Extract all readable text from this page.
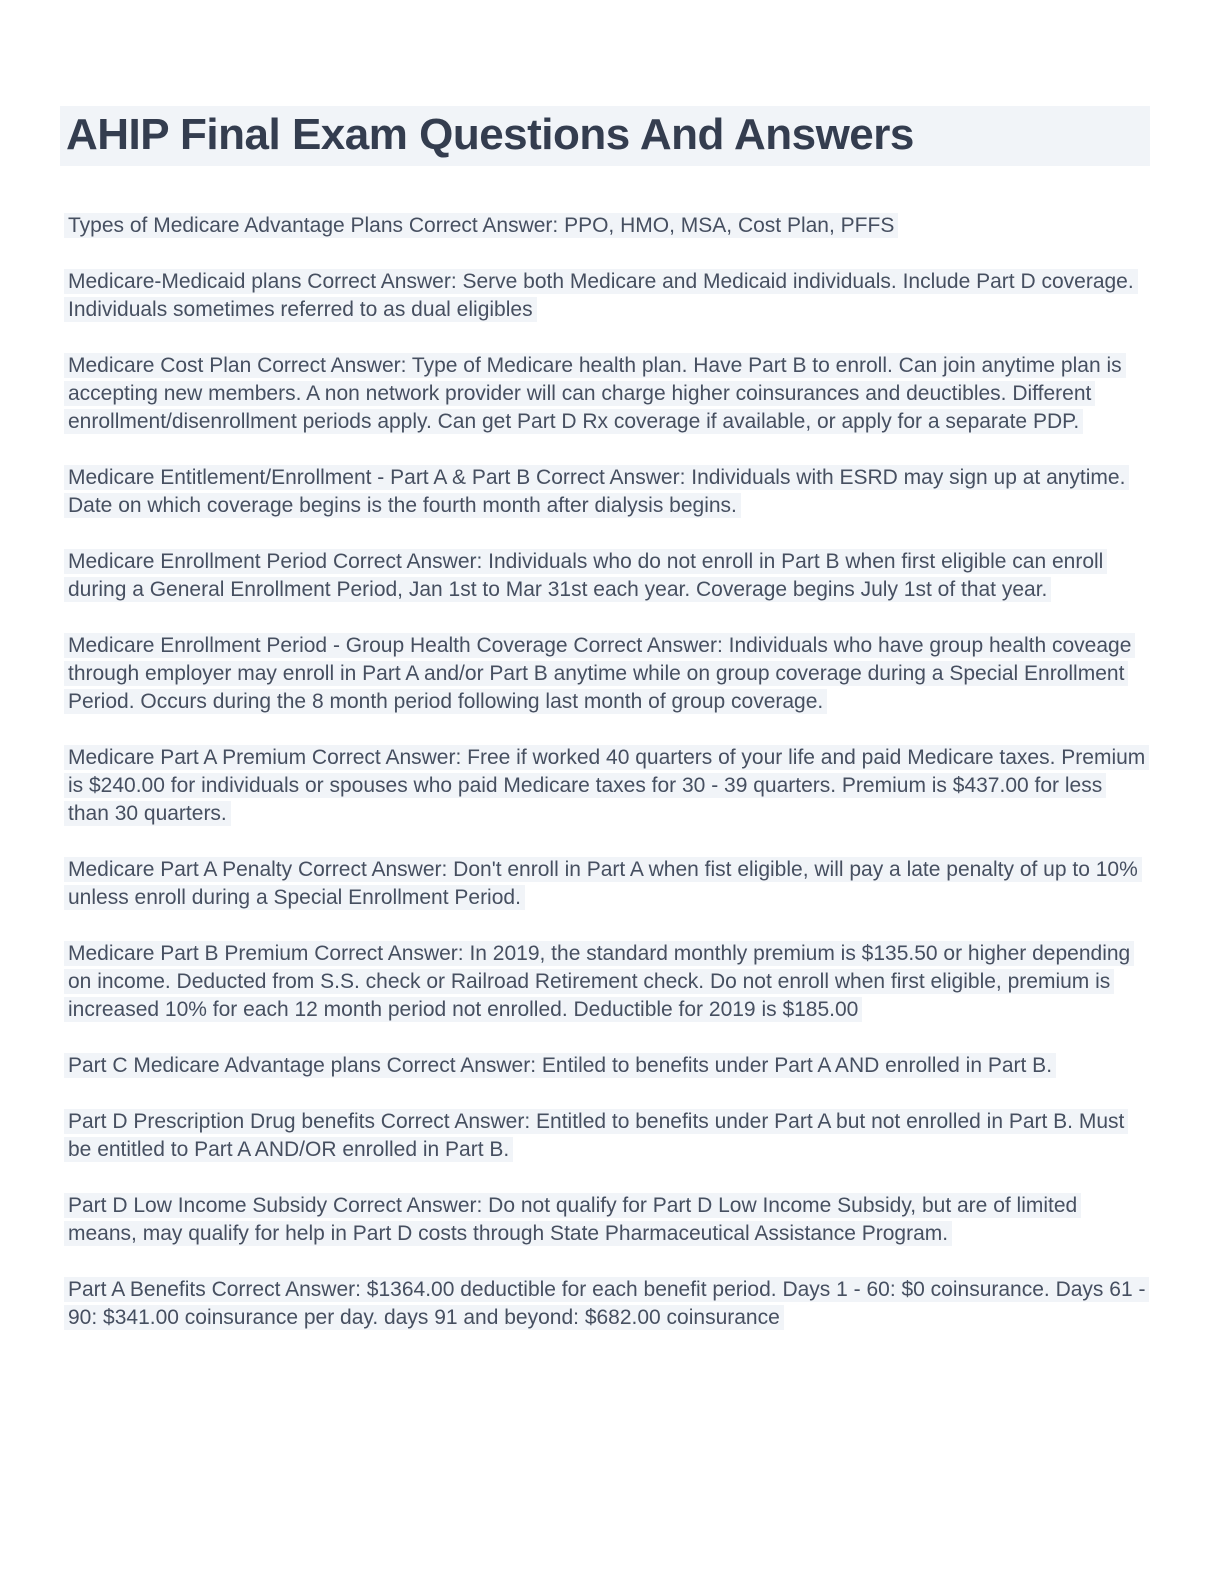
AHIP Final Exam Questions And Answers

Types of Medicare Advantage Plans Correct Answer: PPO, HMO, MSA, Cost Plan, PFFS

Medicare-Medicaid plans Correct Answer: Serve both Medicare and Medicaid individuals. Include Part D coverage. Individuals sometimes referred to as dual eligibles

Medicare Cost Plan Correct Answer: Type of Medicare health plan. Have Part B to enroll. Can join anytime plan is accepting new members. A non network provider will can charge higher coinsurances and deuctibles. Different enrollment/disenrollment periods apply. Can get Part D Rx coverage if available, or apply for a separate PDP.

Medicare Entitlement/Enrollment - Part A & Part B Correct Answer: Individuals with ESRD may sign up at anytime. Date on which coverage begins is the fourth month after dialysis begins.

Medicare Enrollment Period Correct Answer: Individuals who do not enroll in Part B when first eligible can enroll during a General Enrollment Period, Jan 1st to Mar 31st each year. Coverage begins July 1st of that year.

Medicare Enrollment Period - Group Health Coverage Correct Answer: Individuals who have group health coveage through employer may enroll in Part A and/or Part B anytime while on group coverage during a Special Enrollment Period. Occurs during the 8 month period following last month of group coverage.

Medicare Part A Premium Correct Answer: Free if worked 40 quarters of your life and paid Medicare taxes. Premium is $240.00 for individuals or spouses who paid Medicare taxes for 30 - 39 quarters. Premium is $437.00 for less than 30 quarters.

Medicare Part A Penalty Correct Answer: Don't enroll in Part A when fist eligible, will pay a late penalty of up to 10% unless enroll during a Special Enrollment Period.

Medicare Part B Premium Correct Answer: In 2019, the standard monthly premium is $135.50 or higher depending on income. Deducted from S.S. check or Railroad Retirement check. Do not enroll when first eligible, premium is increased 10% for each 12 month period not enrolled. Deductible for 2019 is $185.00

Part C Medicare Advantage plans Correct Answer: Entiled to benefits under Part A AND enrolled in Part B.

Part D Prescription Drug benefits Correct Answer: Entitled to benefits under Part A but not enrolled in Part B. Must be entitled to Part A AND/OR enrolled in Part B.

Part D Low Income Subsidy Correct Answer: Do not qualify for Part D Low Income Subsidy, but are of limited means, may qualify for help in Part D costs through State Pharmaceutical Assistance Program.

Part A Benefits Correct Answer: $1364.00 deductible for each benefit period. Days 1 - 60: $0 coinsurance. Days 61 - 90: $341.00 coinsurance per day. days 91 and beyond: $682.00 coinsurance
